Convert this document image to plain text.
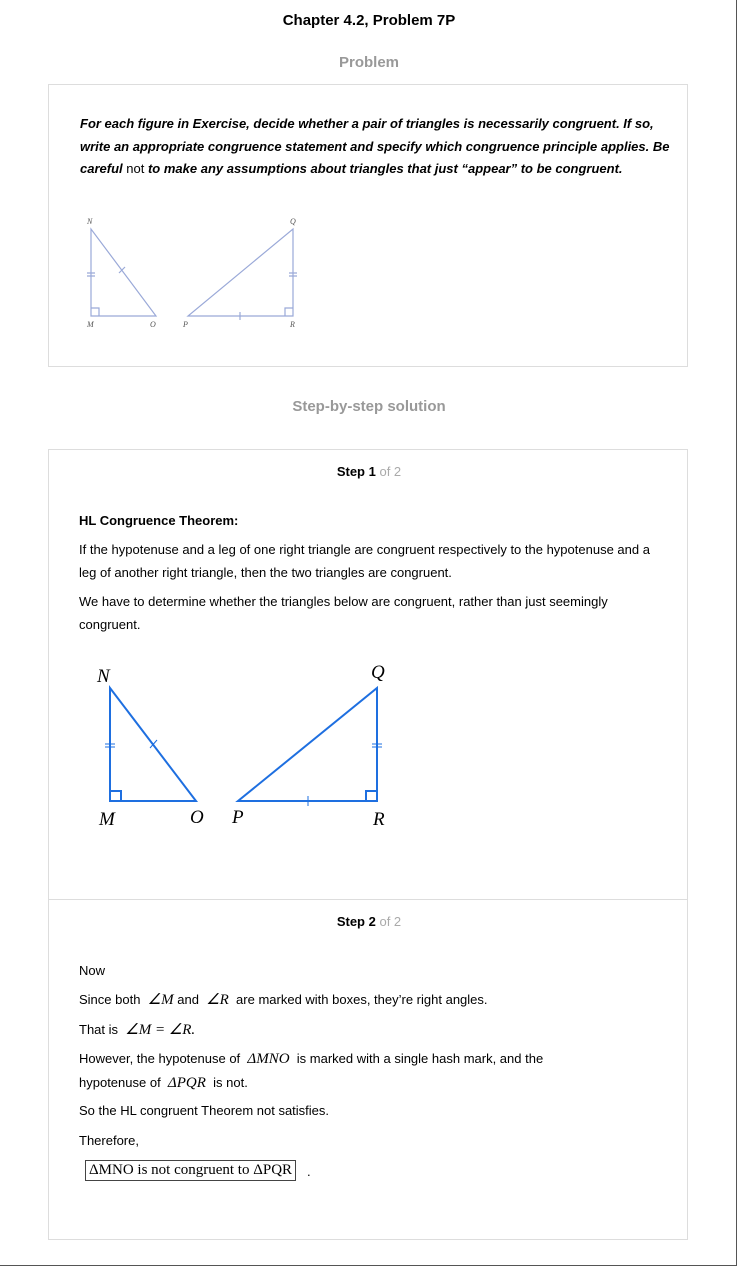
Chapter 4.2, Problem 7P
Problem
For each figure in Exercise, decide whether a pair of triangles is necessarily congruent. If so, write an appropriate congruence statement and specify which congruence principle applies. Be careful not to make any assumptions about triangles that just “appear” to be congruent.
N
M	O
Q
P	R
Step-by-step solution
Step 1 of 2
HL Congruence Theorem:
If the hypotenuse and a leg of one right triangle are congruent respectively to the hypotenuse and a leg of another right triangle, then the two triangles are congruent.
We have to determine whether the triangles below are congruent, rather than just seemingly congruent.
N
M	O
Q
P	R
Step 2 of 2
Now
Since both ∠M and ∠R are marked with boxes, they’re right angles.
That is ∠M = ∠R.
However, the hypotenuse of ΔMNO is marked with a single hash mark, and the
hypotenuse of ΔPQR is not.
So the HL congruent Theorem not satisfies.
Therefore,
ΔMNO is not congruent to ΔPQR	.
